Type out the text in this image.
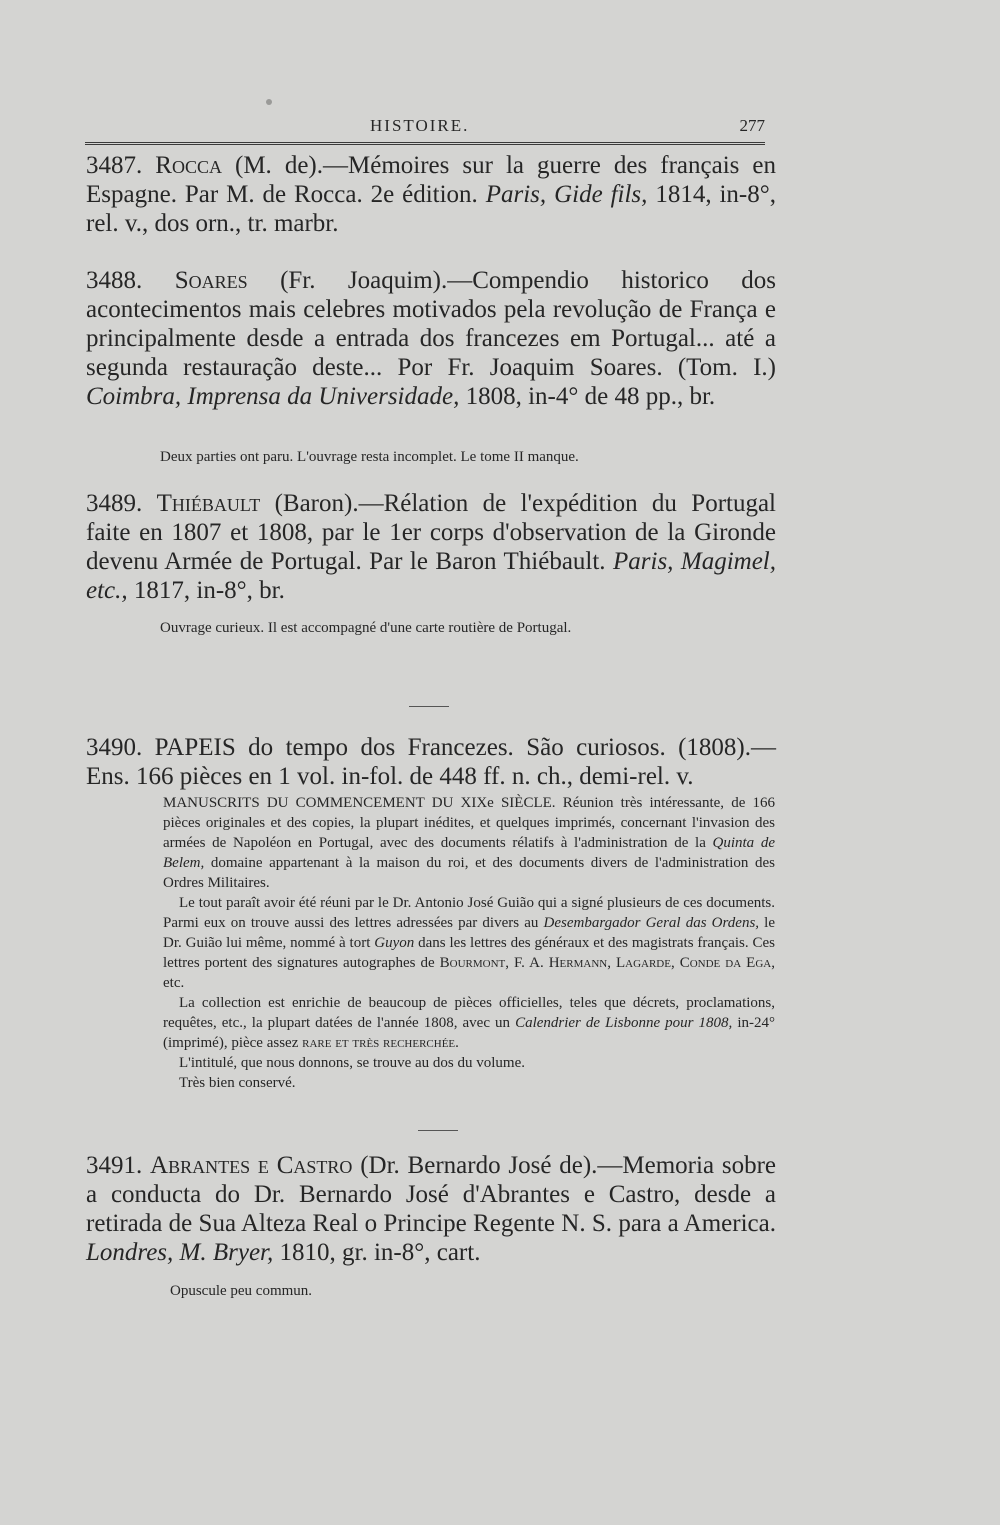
HISTOIRE.	277
3487. Rocca (M. de).—Mémoires sur la guerre des français en Espagne. Par M. de Rocca. 2e édition. Paris, Gide fils, 1814, in-8°, rel. v., dos orn., tr. marbr.
3488. Soares (Fr. Joaquim).—Compendio historico dos acontecimentos mais celebres motivados pela revolução de França e principalmente desde a entrada dos francezes em Portugal... até a segunda restauração deste... Por Fr. Joaquim Soares. (Tom. I.) Coimbra, Imprensa da Universidade, 1808, in-4° de 48 pp., br.
Deux parties ont paru. L'ouvrage resta incomplet. Le tome II manque.
3489. Thiébault (Baron).—Rélation de l'expédition du Portugal faite en 1807 et 1808, par le 1er corps d'observation de la Gironde devenu Armée de Portugal. Par le Baron Thiébault. Paris, Magimel, etc., 1817, in-8°, br.
Ouvrage curieux. Il est accompagné d'une carte routière de Portugal.
3490. PAPEIS do tempo dos Francezes. São curiosos. (1808).— Ens. 166 pièces en 1 vol. in-fol. de 448 ff. n. ch., demi-rel. v.

MANUSCRITS DU COMMENCEMENT DU XIXe SIÈCLE. Réunion très intéressante, de 166 pièces originales et des copies, la plupart inédites, et quelques imprimés, concernant l'invasion des armées de Napoléon en Portugal, avec des documents rélatifs à l'administration de la Quinta de Belem, domaine appartenant à la maison du roi, et des documents divers de l'administration des Ordres Militaires.

Le tout paraît avoir été réuni par le Dr. Antonio José Guião qui a signé plusieurs de ces documents. Parmi eux on trouve aussi des lettres adressées par divers au Desembargador Geral das Ordens, le Dr. Guião lui même, nommé à tort Guyon dans les lettres des généraux et des magistrats français. Ces lettres portent des signatures autographes de Bourmont, F. A. Hermann, Lagarde, Conde da Ega, etc.

La collection est enrichie de beaucoup de pièces officielles, teles que décrets, proclamations, requêtes, etc., la plupart datées de l'année 1808, avec un Calendrier de Lisbonne pour 1808, in-24° (imprimé), pièce assez rare et très recherchée.

L'intitulé, que nous donnons, se trouve au dos du volume.

Très bien conservé.

3491. Abrantes e Castro (Dr. Bernardo José de).—Memoria sobre a conducta do Dr. Bernardo José d'Abrantes e Castro, desde a retirada de Sua Alteza Real o Principe Regente N. S. para a America. Londres, M. Bryer, 1810, gr. in-8°, cart.
Opuscule peu commun.
